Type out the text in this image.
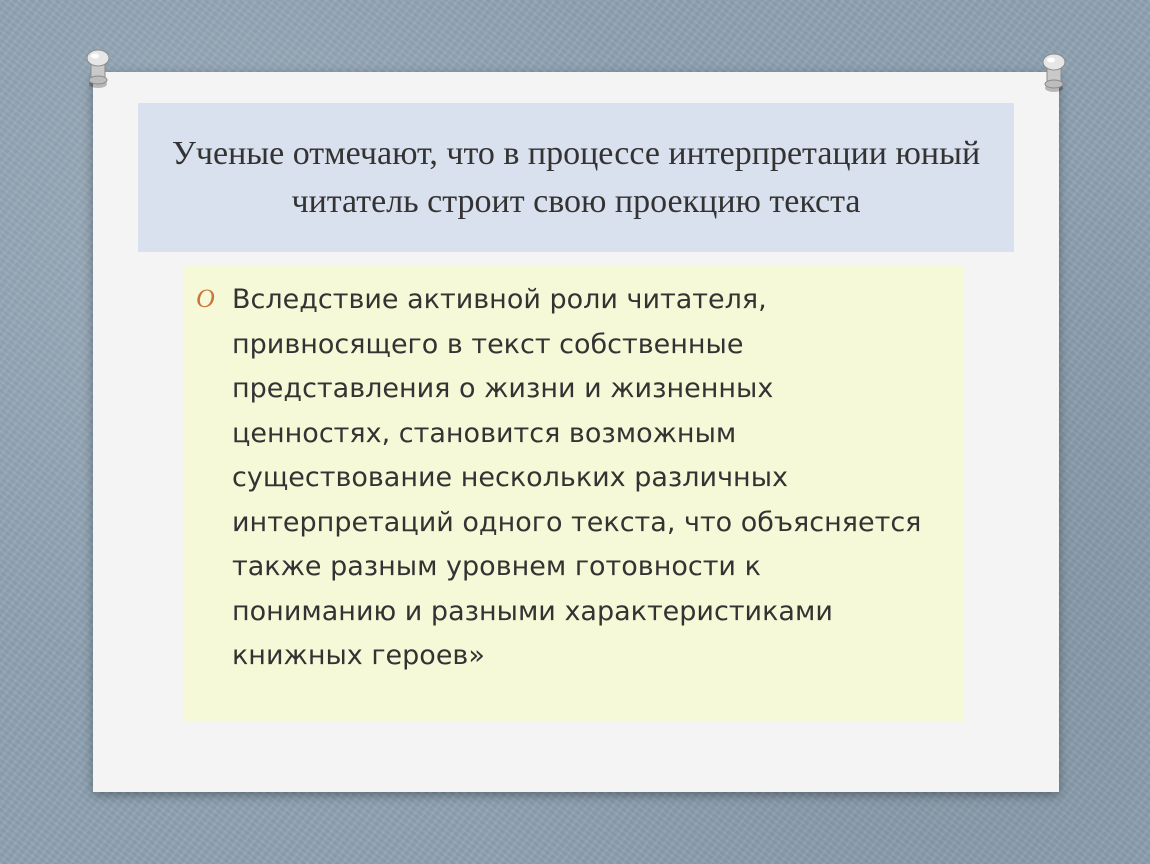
Ученые отмечают, что в процессе интерпретации юный читатель строит свою проекцию текста
O Вследствие активной роли читателя,
привносящего в текст собственные
представления о жизни и жизненных
ценностях, становится возможным
существование нескольких различных
интерпретаций одного текста, что объясняется
также разным уровнем готовности к
пониманию и разными характеристиками
книжных героев»
